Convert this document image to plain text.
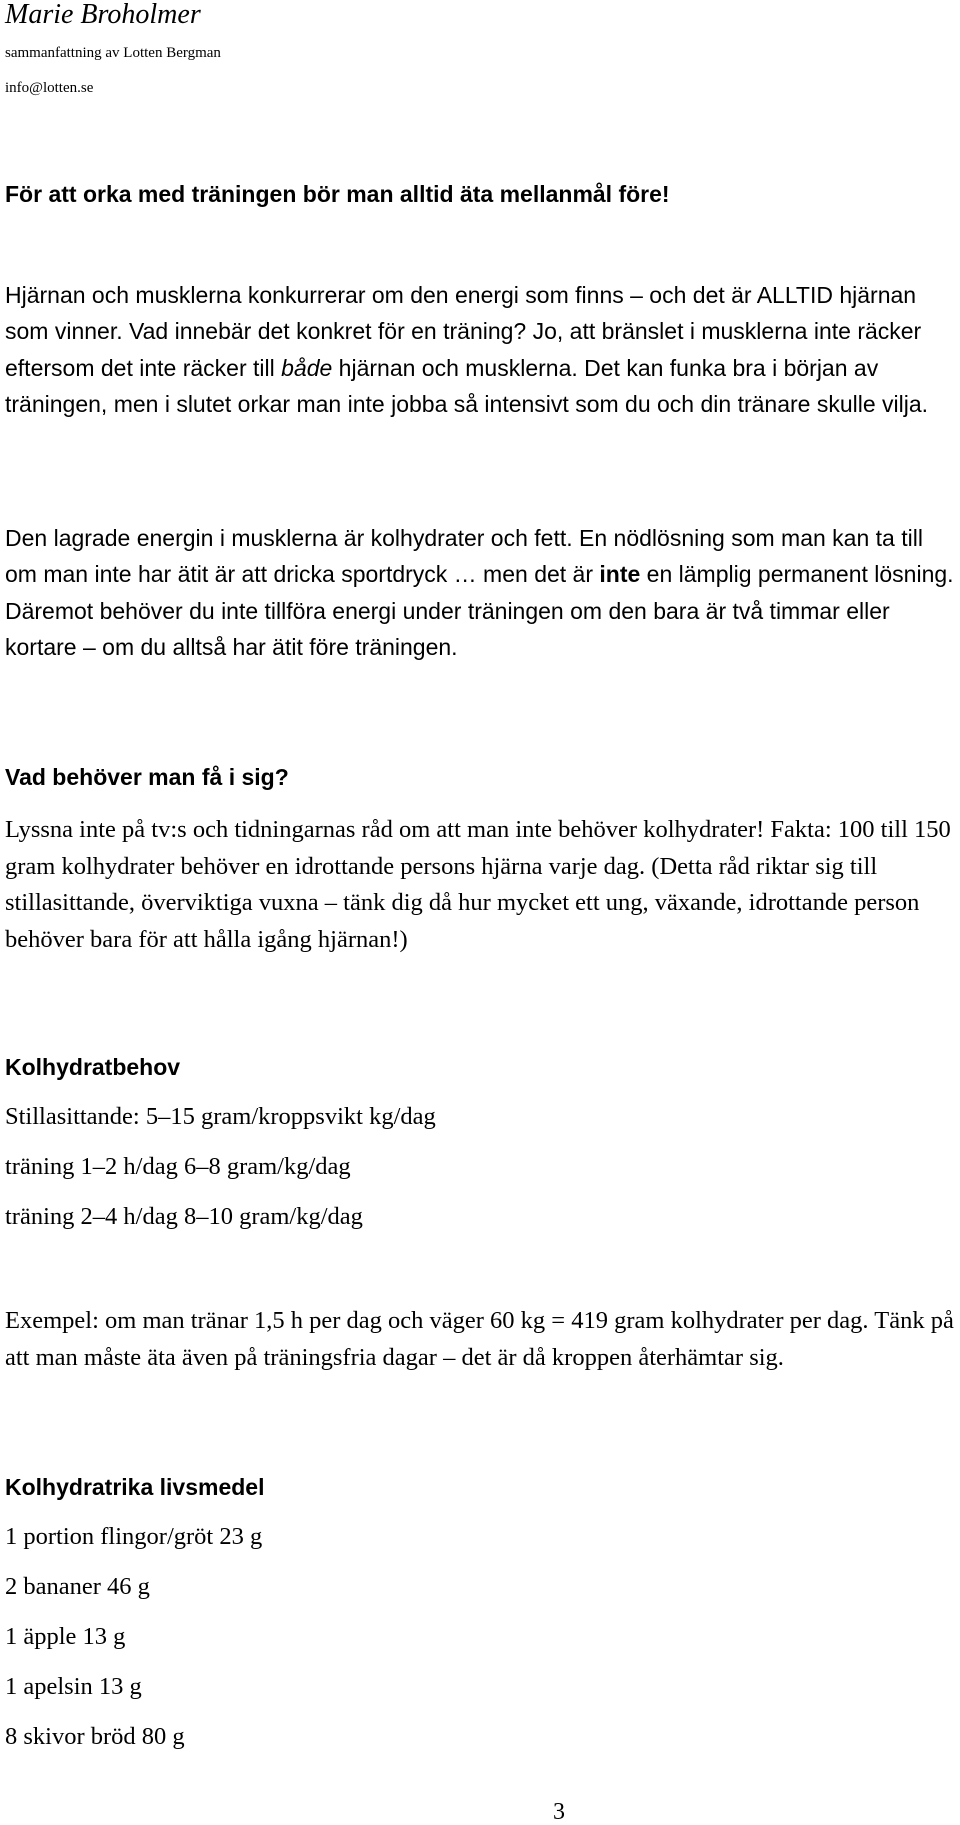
Marie Broholmer
sammanfattning av Lotten Bergman
info@lotten.se
För att orka med träningen bör man alltid äta mellanmål före!

Hjärnan och musklerna konkurrerar om den energi som finns – och det är ALLTID hjärnan som vinner. Vad innebär det konkret för en träning? Jo, att bränslet i musklerna inte räcker eftersom det inte räcker till både hjärnan och musklerna. Det kan funka bra i början av träningen, men i slutet orkar man inte jobba så intensivt som du och din tränare skulle vilja.

Den lagrade energin i musklerna är kolhydrater och fett. En nödlösning som man kan ta till om man inte har ätit är att dricka sportdryck … men det är inte en lämplig permanent lösning. Däremot behöver du inte tillföra energi under träningen om den bara är två timmar eller kortare – om du alltså har ätit före träningen.

Vad behöver man få i sig?

Lyssna inte på tv:s och tidningarnas råd om att man inte behöver kolhydrater! Fakta: 100 till 150 gram kolhydrater behöver en idrottande persons hjärna varje dag. (Detta råd riktar sig till stillasittande, överviktiga vuxna – tänk dig då hur mycket ett ung, växande, idrottande person behöver bara för att hålla igång hjärnan!)

Kolhydratbehov

Stillasittande: 5–15 gram/kroppsvikt kg/dag

träning 1–2 h/dag 6–8 gram/kg/dag

träning 2–4 h/dag 8–10 gram/kg/dag

Exempel: om man tränar 1,5 h per dag och väger 60 kg = 419 gram kolhydrater per dag. Tänk på att man måste äta även på träningsfria dagar – det är då kroppen återhämtar sig.

Kolhydratrika livsmedel

1 portion flingor/gröt 23 g

2 bananer 46 g

1 äpple 13 g

1 apelsin 13 g

8 skivor bröd 80 g

3
